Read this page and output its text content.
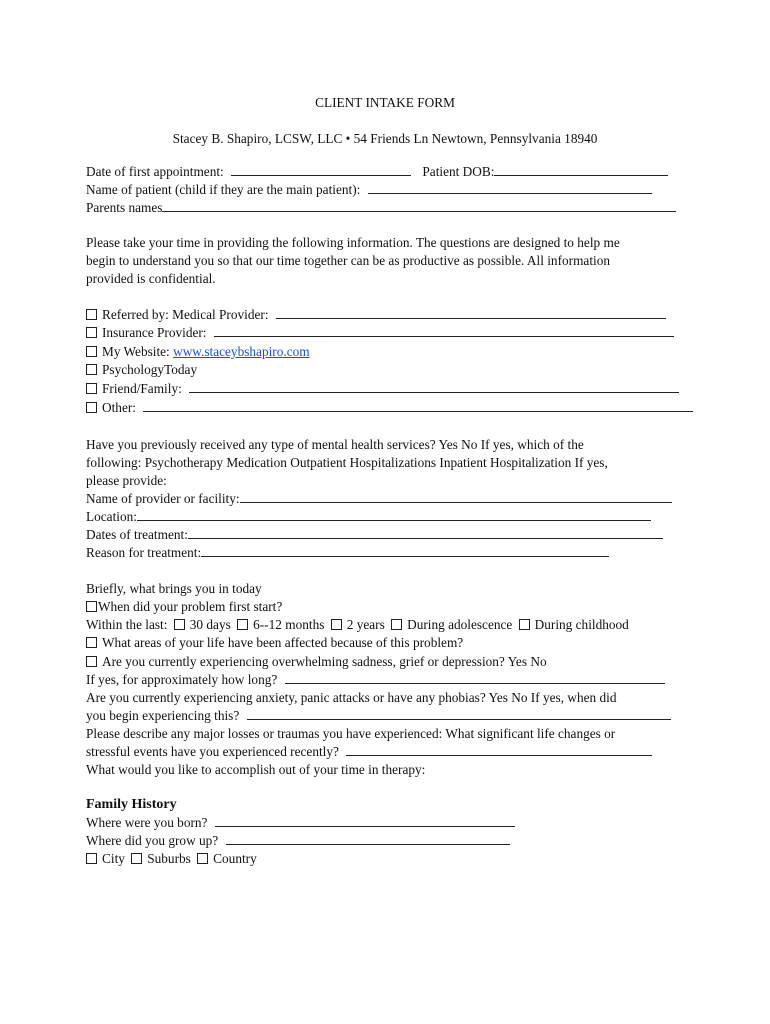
CLIENT INTAKE FORM
Stacey B. Shapiro, LCSW, LLC • 54 Friends Ln Newtown, Pennsylvania 18940
Date of first appointment:	Patient DOB:
Name of patient (child if they are the main patient):
Parents names
Please take your time in providing the following information. The questions are designed to help me
begin to understand you so that our time together can be as productive as possible. All information
provided is confidential.
Referred by: Medical Provider:
Insurance Provider:
My Website: www.staceybshapiro.com
PsychologyToday
Friend/Family:
Other:
Have you previously received any type of mental health services? Yes No If yes, which of the
following: Psychotherapy Medication Outpatient Hospitalizations Inpatient Hospitalization If yes,
please provide:
Name of provider or facility:
Location:
Dates of treatment:
Reason for treatment:
Briefly, what brings you in today
When did your problem first start?
Within the last: 30 days 6--12 months 2 years During adolescence During childhood
What areas of your life have been affected because of this problem?
Are you currently experiencing overwhelming sadness, grief or depression? Yes No
If yes, for approximately how long?
Are you currently experiencing anxiety, panic attacks or have any phobias? Yes No If yes, when did
you begin experiencing this?
Please describe any major losses or traumas you have experienced: What significant life changes or
stressful events have you experienced recently?
What would you like to accomplish out of your time in therapy:
Family History
Where were you born?
Where did you grow up?
City Suburbs Country
